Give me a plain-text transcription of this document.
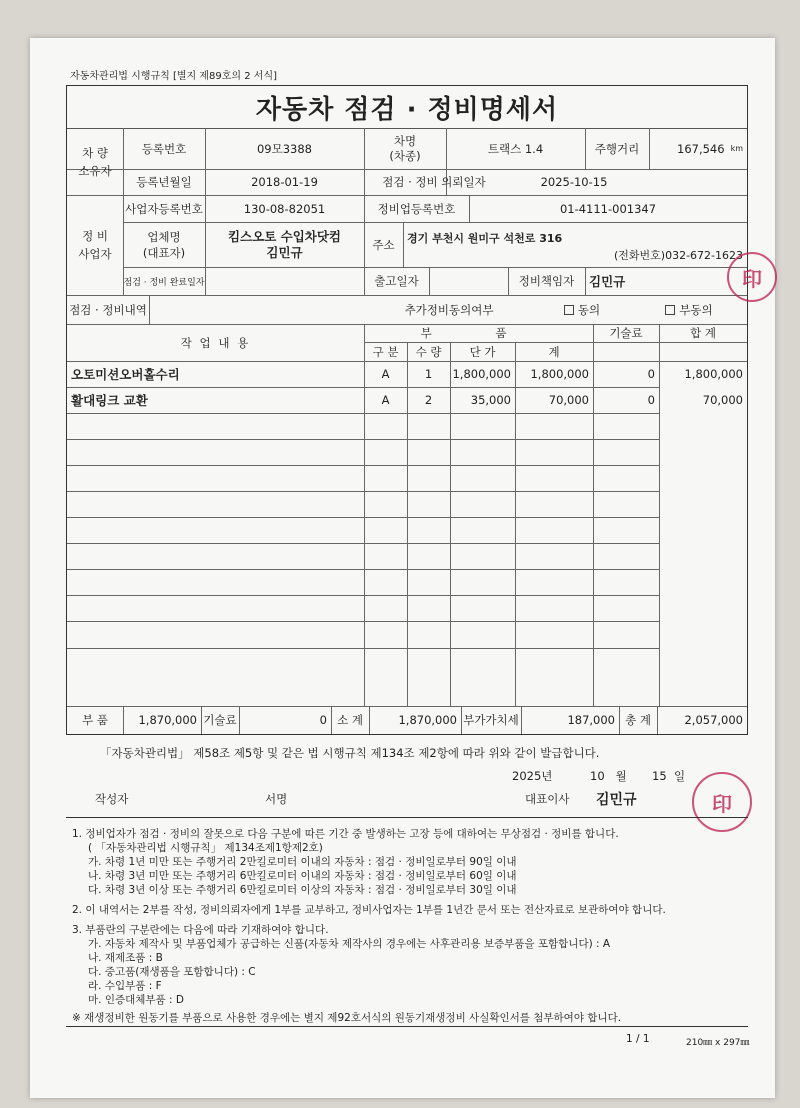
자동차관리법 시행규칙 [별지 제89호의 2 서식]
자동차 점검 · 정비명세서
차 량
소유자
등록번호	09모3388
차명
(차종)	트랙스 1.4	주행거리	167,546 km
등록년월일	2018-01-19	점검 · 정비 의뢰일자	2025-10-15
정 비
사업자
사업자등록번호	130-08-82051	정비업등록번호	01-4111-001347
업체명
(대표자)
킴스오토 수입차닷컴
김민규	주소	경기 부천시 원미구 석천로 316
(전화번호)032-672-1623
점검 · 정비 완료일자	출고일자	정비책임자	김민규
점검 · 정비내역	추가정비동의여부	동의	부동의
작 업 내 용
부 품	기술료	합 계
구 분	수 량	단 가	계
오토미션오버홀수리	A	1	1,800,000	1,800,000	0	1,800,000
활대링크 교환	A	2	35,000	70,000	0	70,000
부 품	1,870,000 기술료	0 소 계	1,870,000 부가가치세	187,000 총 계	2,057,000
印
印
「자동차관리법」 제58조 제5항 및 같은 법 시행규칙 제134조 제2항에 따라 위와 같이 발급합니다.
2025년	10 월 15 일
작성자	서명	대표이사 김민규
1. 정비업자가 점검 · 정비의 잘못으로 다음 구분에 따른 기간 중 발생하는 고장 등에 대하여는 무상점검 · 정비를 합니다.
( 「자동차관리법 시행규칙」 제134조제1항제2호)
가. 차령 1년 미만 또는 주행거리 2만킬로미터 이내의 자동차 : 점검 · 정비일로부터 90일 이내
나. 차령 3년 미만 또는 주행거리 6만킬로미터 이내의 자동차 : 점검 · 정비일로부터 60일 이내
다. 차령 3년 이상 또는 주행거리 6만킬로미터 이상의 자동차 : 점검 · 정비일로부터 30일 이내
2. 이 내역서는 2부를 작성, 정비의뢰자에게 1부를 교부하고, 정비사업자는 1부를 1년간 문서 또는 전산자료로 보관하여야 합니다.
3. 부품란의 구분란에는 다음에 따라 기재하여야 합니다.
가. 자동차 제작사 및 부품업체가 공급하는 신품(자동차 제작사의 경우에는 사후관리용 보증부품을 포함합니다) : A
나. 재제조품 : B
다. 중고품(재생품을 포함합니다) : C
라. 수입부품 : F
마. 인증대체부품 : D
※ 재생정비한 원동기를 부품으로 사용한 경우에는 별지 제92호서식의 원동기재생정비 사실확인서를 첨부하여야 합니다.
1 / 1	210㎜ x 297㎜
